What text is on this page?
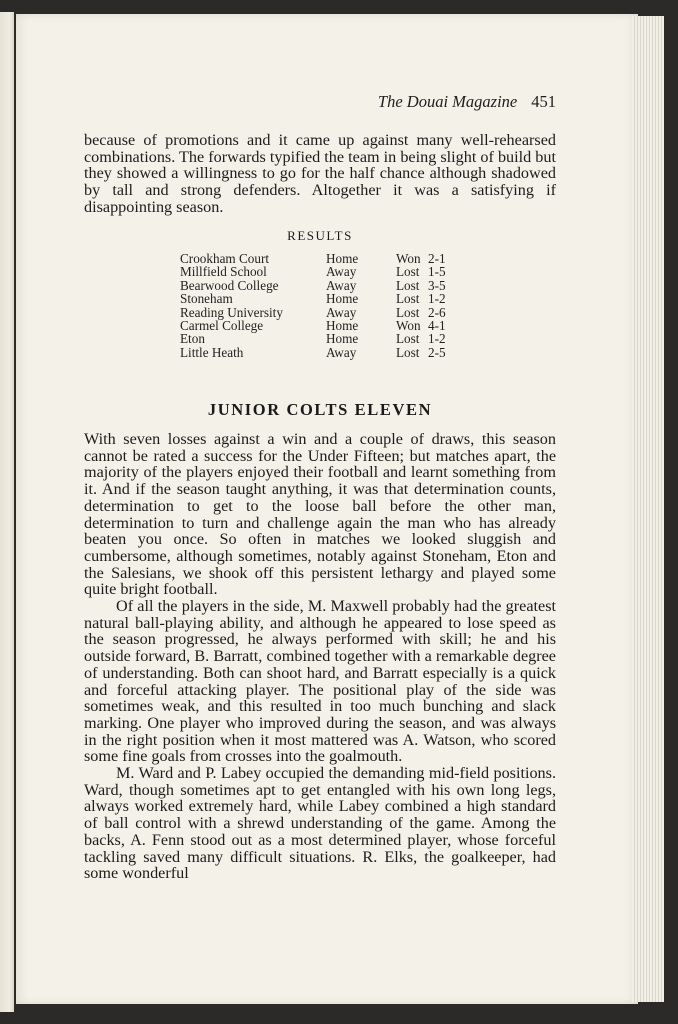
The Douai Magazine 451

because of promotions and it came up against many well-rehearsed combinations. The forwards typified the team in being slight of build but they showed a willingness to go for the half chance although shadowed by tall and strong defenders. Altogether it was a satisfying if disappointing season.

RESULTS
Crookham Court	Home	Won	2-1
Millfield School	Away	Lost	1-5
Bearwood College	Away	Lost	3-5
Stoneham	Home	Lost	1-2
Reading University	Away	Lost	2-6
Carmel College	Home	Won	4-1
Eton	Home	Lost	1-2
Little Heath	Away	Lost	2-5
JUNIOR COLTS ELEVEN

With seven losses against a win and a couple of draws, this season cannot be rated a success for the Under Fifteen; but matches apart, the majority of the players enjoyed their football and learnt something from it. And if the season taught anything, it was that determination counts, determination to get to the loose ball before the other man, determination to turn and challenge again the man who has already beaten you once. So often in matches we looked sluggish and cumbersome, although sometimes, notably against Stoneham, Eton and the Salesians, we shook off this persistent lethargy and played some quite bright football.

Of all the players in the side, M. Maxwell probably had the greatest natural ball-playing ability, and although he appeared to lose speed as the season progressed, he always performed with skill; he and his outside forward, B. Barratt, combined together with a remarkable degree of understanding. Both can shoot hard, and Barratt especially is a quick and forceful attacking player. The positional play of the side was sometimes weak, and this resulted in too much bunching and slack marking. One player who improved during the season, and was always in the right position when it most mattered was A. Watson, who scored some fine goals from crosses into the goalmouth.

M. Ward and P. Labey occupied the demanding mid-field positions. Ward, though sometimes apt to get entangled with his own long legs, always worked extremely hard, while Labey combined a high standard of ball control with a shrewd understanding of the game. Among the backs, A. Fenn stood out as a most determined player, whose forceful tackling saved many difficult situations. R. Elks, the goalkeeper, had some wonderful
